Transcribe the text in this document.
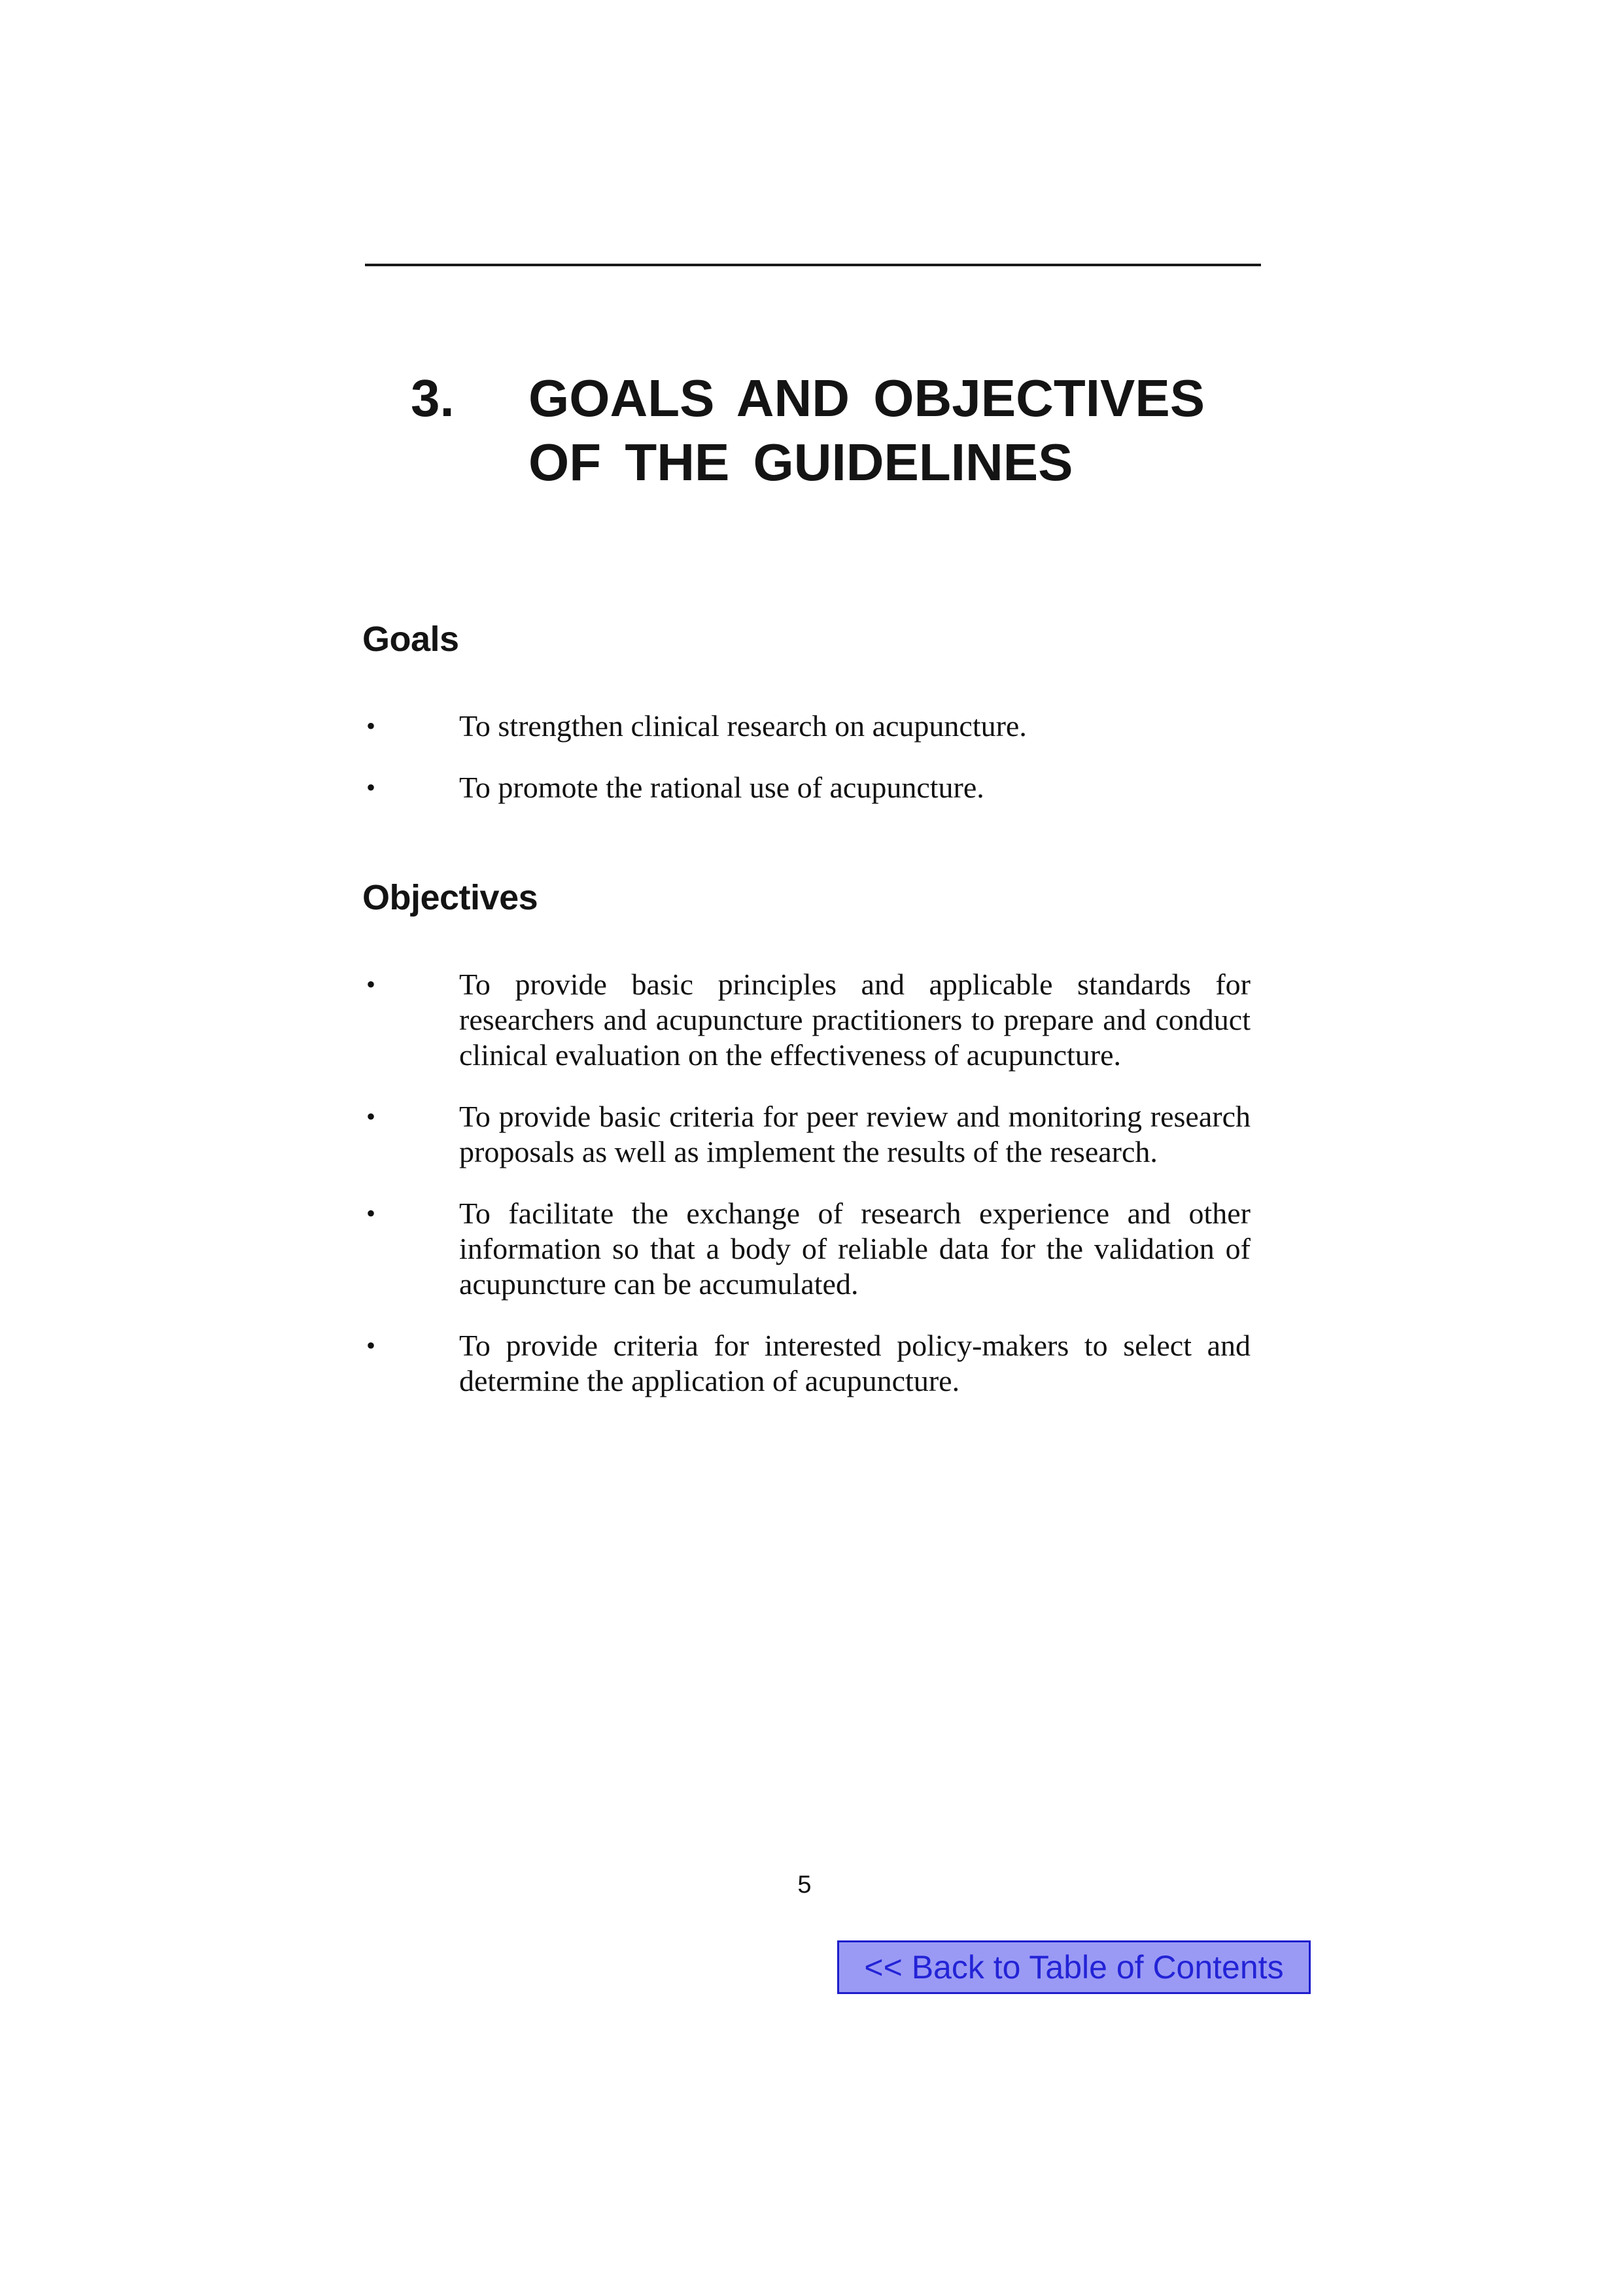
3. GOALS AND OBJECTIVES
OF THE GUIDELINES
Goals
•	To strengthen clinical research on acupuncture.
•	To promote the rational use of acupuncture.
Objectives
•	To provide basic principles and applicable standards for researchers and acupuncture practitioners to prepare and conduct clinical evaluation on the effectiveness of acupuncture.
•	To provide basic criteria for peer review and monitoring research proposals as well as implement the results of the research.
•	To facilitate the exchange of research experience and other information so that a body of reliable data for the validation of acupuncture can be accumulated.
•	To provide criteria for interested policy-makers to select and determine the application of acupuncture.
5
<< Back to Table of Contents
